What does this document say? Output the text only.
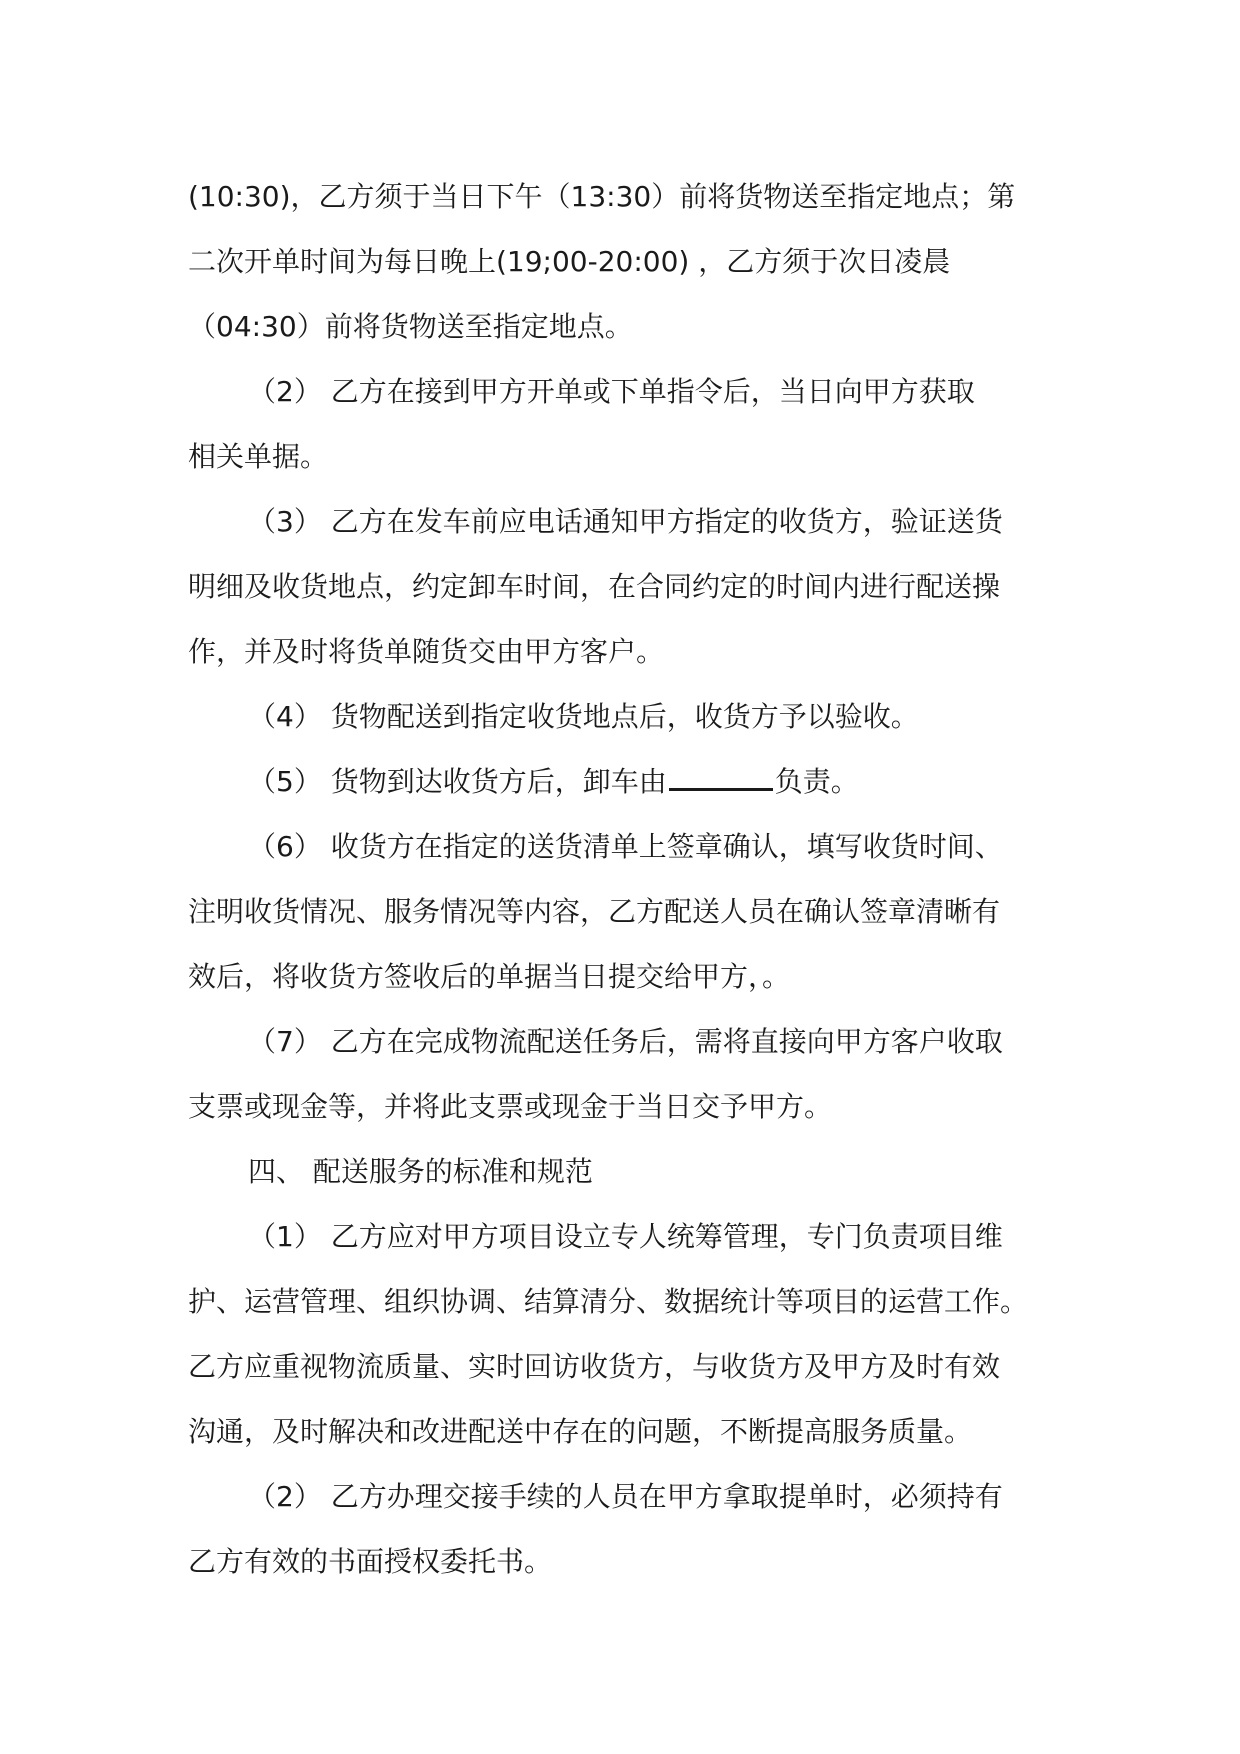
(10:30)，乙方须于当日下午（13:30）前将货物送至指定地点；第
二次开单时间为每日晚上(19;00-20:00) ，乙方须于次日凌晨
（04:30）前将货物送至指定地点。
（2） 乙方在接到甲方开单或下单指令后，当日向甲方获取
相关单据。
（3） 乙方在发车前应电话通知甲方指定的收货方，验证送货
明细及收货地点，约定卸车时间，在合同约定的时间内进行配送操
作，并及时将货单随货交由甲方客户。
（4） 货物配送到指定收货地点后，收货方予以验收。
（5） 货物到达收货方后，卸车由	负责。
（6） 收货方在指定的送货清单上签章确认，填写收货时间、
注明收货情况、服务情况等内容，乙方配送人员在确认签章清晰有
效后，将收货方签收后的单据当日提交给甲方，。
（7） 乙方在完成物流配送任务后，需将直接向甲方客户收取
支票或现金等，并将此支票或现金于当日交予甲方。
四、 配送服务的标准和规范
（1） 乙方应对甲方项目设立专人统筹管理，专门负责项目维
护、运营管理、组织协调、结算清分、数据统计等项目的运营工作。
乙方应重视物流质量、实时回访收货方，与收货方及甲方及时有效
沟通，及时解决和改进配送中存在的问题，不断提高服务质量。
（2） 乙方办理交接手续的人员在甲方拿取提单时，必须持有
乙方有效的书面授权委托书。
